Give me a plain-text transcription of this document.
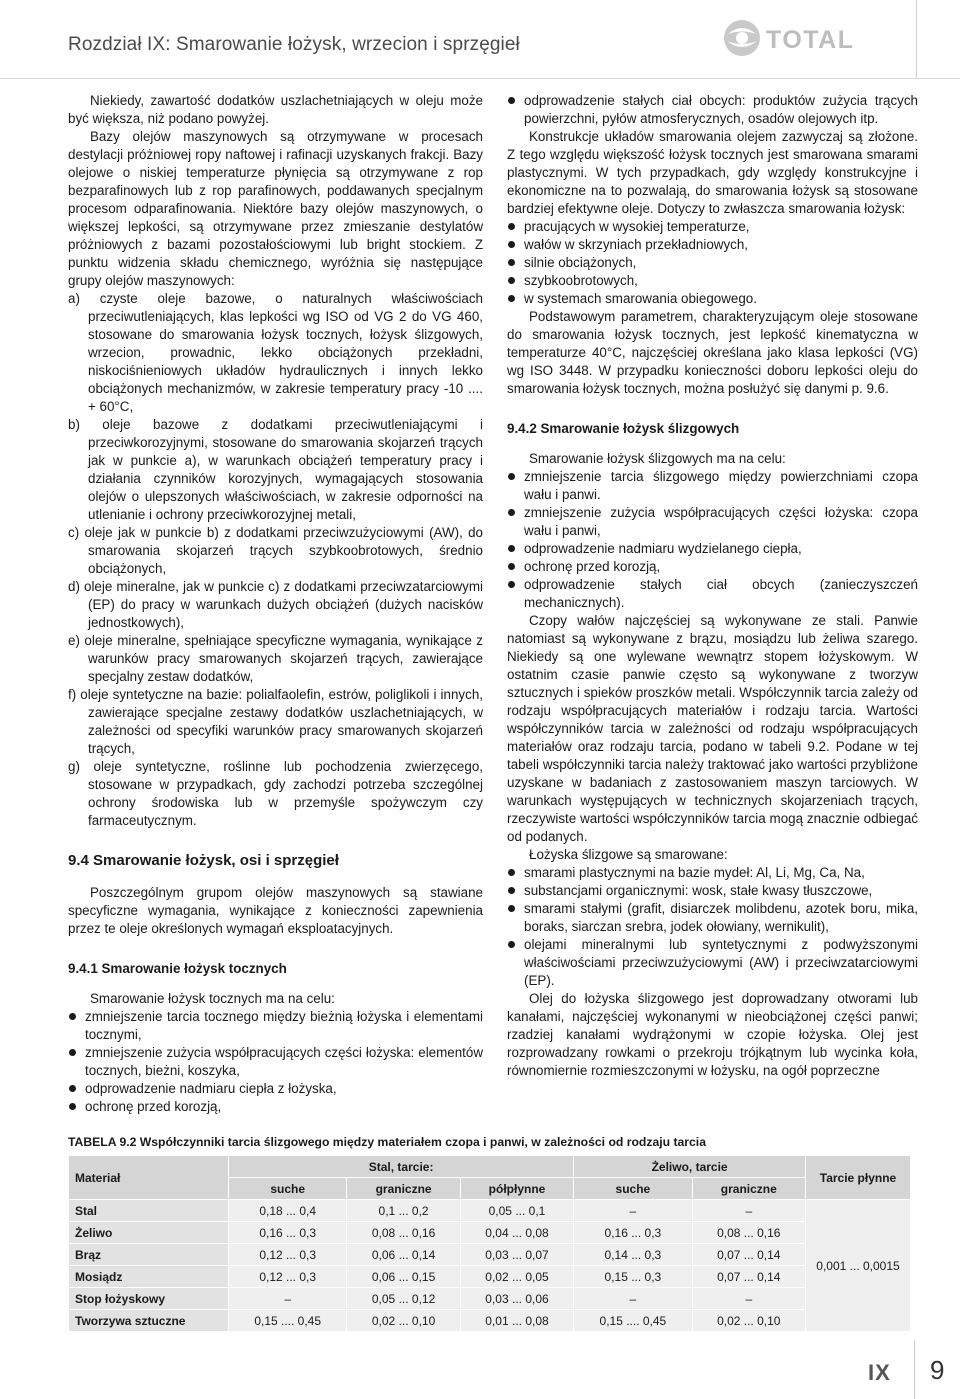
Rozdział IX: Smarowanie łożysk, wrzecion i sprzęgieł	TOTAL

Niekiedy, zawartość dodatków uszlachetniających w oleju może być większa, niż podano powyżej.

Bazy olejów maszynowych są otrzymywane w procesach destylacji próżniowej ropy naftowej i rafinacji uzyskanych frakcji. Bazy olejowe o niskiej temperaturze płynięcia są otrzymywane z rop bezparafinowych lub z rop parafinowych, poddawanych specjalnym procesom odparafinowania. Niektóre bazy olejów maszynowych, o większej lepkości, są otrzymywane przez zmieszanie destylatów próżniowych z bazami pozostałościowymi lub bright stockiem. Z punktu widzenia składu chemicznego, wyróżnia się następujące grupy olejów maszynowych:

a) czyste oleje bazowe, o naturalnych właściwościach przeciwutleniających, klas lepkości wg ISO od VG 2 do VG 460, stosowane do smarowania łożysk tocznych, łożysk ślizgowych, wrzecion, prowadnic, lekko obciążonych przekładni, niskociśnieniowych układów hydraulicznych i innych lekko obciążonych mechanizmów, w zakresie temperatury pracy -10 .... + 60°C,
b) oleje bazowe z dodatkami przeciwutleniającymi i przeciwkorozyjnymi, stosowane do smarowania skojarzeń trących jak w punkcie a), w warunkach obciążeń temperatury pracy i działania czynników korozyjnych, wymagających stosowania olejów o ulepszonych właściwościach, w zakresie odporności na utlenianie i ochrony przeciwkorozyjnej metali,
c) oleje jak w punkcie b) z dodatkami przeciwzużyciowymi (AW), do smarowania skojarzeń trących szybkoobrotowych, średnio obciążonych,
d) oleje mineralne, jak w punkcie c) z dodatkami przeciwzatarciowymi (EP) do pracy w warunkach dużych obciążeń (dużych nacisków jednostkowych),
e) oleje mineralne, spełniające specyficzne wymagania, wynikające z warunków pracy smarowanych skojarzeń trących, zawierające specjalny zestaw dodatków,
f) oleje syntetyczne na bazie: polialfaolefin, estrów, poliglikoli i innych, zawierające specjalne zestawy dodatków uszlachetniających, w zależności od specyfiki warunków pracy smarowanych skojarzeń trących,
g) oleje syntetyczne, roślinne lub pochodzenia zwierzęcego, stosowane w przypadkach, gdy zachodzi potrzeba szczególnej ochrony środowiska lub w przemyśle spożywczym czy farmaceutycznym.
9.4 Smarowanie łożysk, osi i sprzęgieł

Poszczególnym grupom olejów maszynowych są stawiane specyficzne wymagania, wynikające z konieczności zapewnienia przez te oleje określonych wymagań eksploatacyjnych.

9.4.1 Smarowanie łożysk tocznych

Smarowanie łożysk tocznych ma na celu:

zmniejszenie tarcia tocznego między bieżnią łożyska i elementami tocznymi,
zmniejszenie zużycia współpracujących części łożyska: elementów tocznych, bieżni, koszyka,
odprowadzenie nadmiaru ciepła z łożyska,
ochronę przed korozją,
odprowadzenie stałych ciał obcych: produktów zużycia trących powierzchni, pyłów atmosferycznych, osadów olejowych itp.

Konstrukcje układów smarowania olejem zazwyczaj są złożone. Z tego względu większość łożysk tocznych jest smarowana smarami plastycznymi. W tych przypadkach, gdy względy konstrukcyjne i ekonomiczne na to pozwalają, do smarowania łożysk są stosowane bardziej efektywne oleje. Dotyczy to zwłaszcza smarowania łożysk:

pracujących w wysokiej temperaturze,
wałów w skrzyniach przekładniowych,
silnie obciążonych,
szybkoobrotowych,
w systemach smarowania obiegowego.

Podstawowym parametrem, charakteryzującym oleje stosowane do smarowania łożysk tocznych, jest lepkość kinematyczna w temperaturze 40°C, najczęściej określana jako klasa lepkości (VG) wg ISO 3448. W przypadku konieczności doboru lepkości oleju do smarowania łożysk tocznych, można posłużyć się danymi p. 9.6.

9.4.2 Smarowanie łożysk ślizgowych

Smarowanie łożysk ślizgowych ma na celu:

zmniejszenie tarcia ślizgowego między powierzchniami czopa wału i panwi.
zmniejszenie zużycia współpracujących części łożyska: czopa wału i panwi,
odprowadzenie nadmiaru wydzielanego ciepła,
ochronę przed korozją,
odprowadzenie stałych ciał obcych (zanieczyszczeń mechanicznych).

Czopy wałów najczęściej są wykonywane ze stali. Panwie natomiast są wykonywane z brązu, mosiądzu lub żeliwa szarego. Niekiedy są one wylewane wewnątrz stopem łożyskowym. W ostatnim czasie panwie często są wykonywane z tworzyw sztucznych i spieków proszków metali. Współczynnik tarcia zależy od rodzaju współpracujących materiałów i rodzaju tarcia. Wartości współczynników tarcia w zależności od rodzaju współpracujących materiałów oraz rodzaju tarcia, podano w tabeli 9.2. Podane w tej tabeli współczynniki tarcia należy traktować jako wartości przybliżone uzyskane w badaniach z zastosowaniem maszyn tarciowych. W warunkach występujących w technicznych skojarzeniach trących, rzeczywiste wartości współczynników tarcia mogą znacznie odbiegać od podanych.

Łożyska ślizgowe są smarowane:

smarami plastycznymi na bazie mydeł: Al, Li, Mg, Ca, Na,
substancjami organicznymi: wosk, stałe kwasy tłuszczowe,
smarami stałymi (grafit, disiarczek molibdenu, azotek boru, mika, boraks, siarczan srebra, jodek ołowiany, wernikulit),
olejami mineralnymi lub syntetycznymi z podwyższonymi właściwościami przeciwzużyciowymi (AW) i przeciwzatarciowymi (EP).

Olej do łożyska ślizgowego jest doprowadzany otworami lub kanałami, najczęściej wykonanymi w nieobciążonej części panwi; rzadziej kanałami wydrążonymi w czopie łożyska. Olej jest rozprowadzany rowkami o przekroju trójkątnym lub wycinka koła, równomiernie rozmieszczonymi w łożysku, na ogół poprzeczne

TABELA 9.2 Współczynniki tarcia ślizgowego między materiałem czopa i panwi, w zależności od rodzaju tarcia
Materiał	Stal, tarcie:			Żeliwo, tarcie		Tarcie płynne
	suche	graniczne	półpłynne	suche	graniczne	
Stal	0,18 ... 0,4	0,1 ... 0,2	0,05 ... 0,1	–	–	0,001 ... 0,0015
Żeliwo	0,16 ... 0,3	0,08 ... 0,16	0,04 ... 0,08	0,16 ... 0,3	0,08 ... 0,16	
Brąz	0,12 ... 0,3	0,06 ... 0,14	0,03 ... 0,07	0,14 ... 0,3	0,07 ... 0,14	
Mosiądz	0,12 ... 0,3	0,06 ... 0,15	0,02 ... 0,05	0,15 ... 0,3	0,07 ... 0,14	
Stop łożyskowy	–	0,05 ... 0,12	0,03 ... 0,06	–	–	
Tworzywa sztuczne	0,15 .... 0,45	0,02 ... 0,10	0,01 ... 0,08	0,15 .... 0,45	0,02 ... 0,10	
IX 9
